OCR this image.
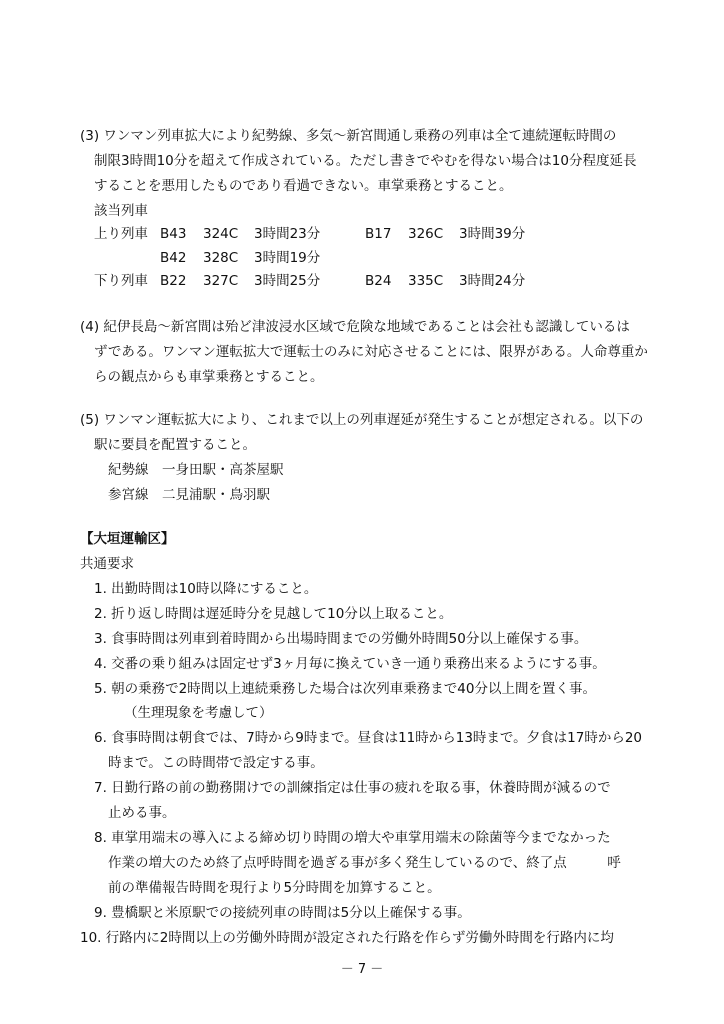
(3) ワンマン列車拡大により紀勢線、多気～新宮間通し乗務の列車は全て連続運転時間の
制限3時間10分を超えて作成されている。ただし書きでやむを得ない場合は10分程度延長
することを悪用したものであり看過できない。車掌乗務とすること。
該当列車
上り列車 B43 324C 3時間23分	B17 326C 3時間39分
B42 328C 3時間19分
下り列車 B22 327C 3時間25分	B24 335C 3時間24分
(4) 紀伊長島～新宮間は殆ど津波浸水区域で危険な地域であることは会社も認識しているは
ずである。ワンマン運転拡大で運転士のみに対応させることには、限界がある。人命尊重か
らの観点からも車掌乗務とすること。
(5) ワンマン運転拡大により、これまで以上の列車遅延が発生することが想定される。以下の
駅に要員を配置すること。
紀勢線　一身田駅・高茶屋駅
参宮線　二見浦駅・鳥羽駅
【大垣運輸区】
共通要求
1. 出勤時間は10時以降にすること。
2. 折り返し時間は遅延時分を見越して10分以上取ること。
3. 食事時間は列車到着時間から出場時間までの労働外時間50分以上確保する事。
4. 交番の乗り組みは固定せず3ヶ月毎に換えていき一通り乗務出来るようにする事。
5. 朝の乗務で2時間以上連続乗務した場合は次列車乗務まで40分以上間を置く事。
（生理現象を考慮して）
6. 食事時間は朝食では、7時から9時まで。昼食は11時から13時まで。夕食は17時から20
時まで。この時間帯で設定する事。
7. 日勤行路の前の勤務開けでの訓練指定は仕事の疲れを取る事，休養時間が減るので
止める事。
8. 車掌用端末の導入による締め切り時間の増大や車掌用端末の除菌等今までなかった
作業の増大のため終了点呼時間を過ぎる事が多く発生しているので、終了点　　　呼
前の準備報告時間を現行より5分時間を加算すること。
9. 豊橋駅と米原駅での接続列車の時間は5分以上確保する事。
10. 行路内に2時間以上の労働外時間が設定された行路を作らず労働外時間を行路内に均
－ 7 －
